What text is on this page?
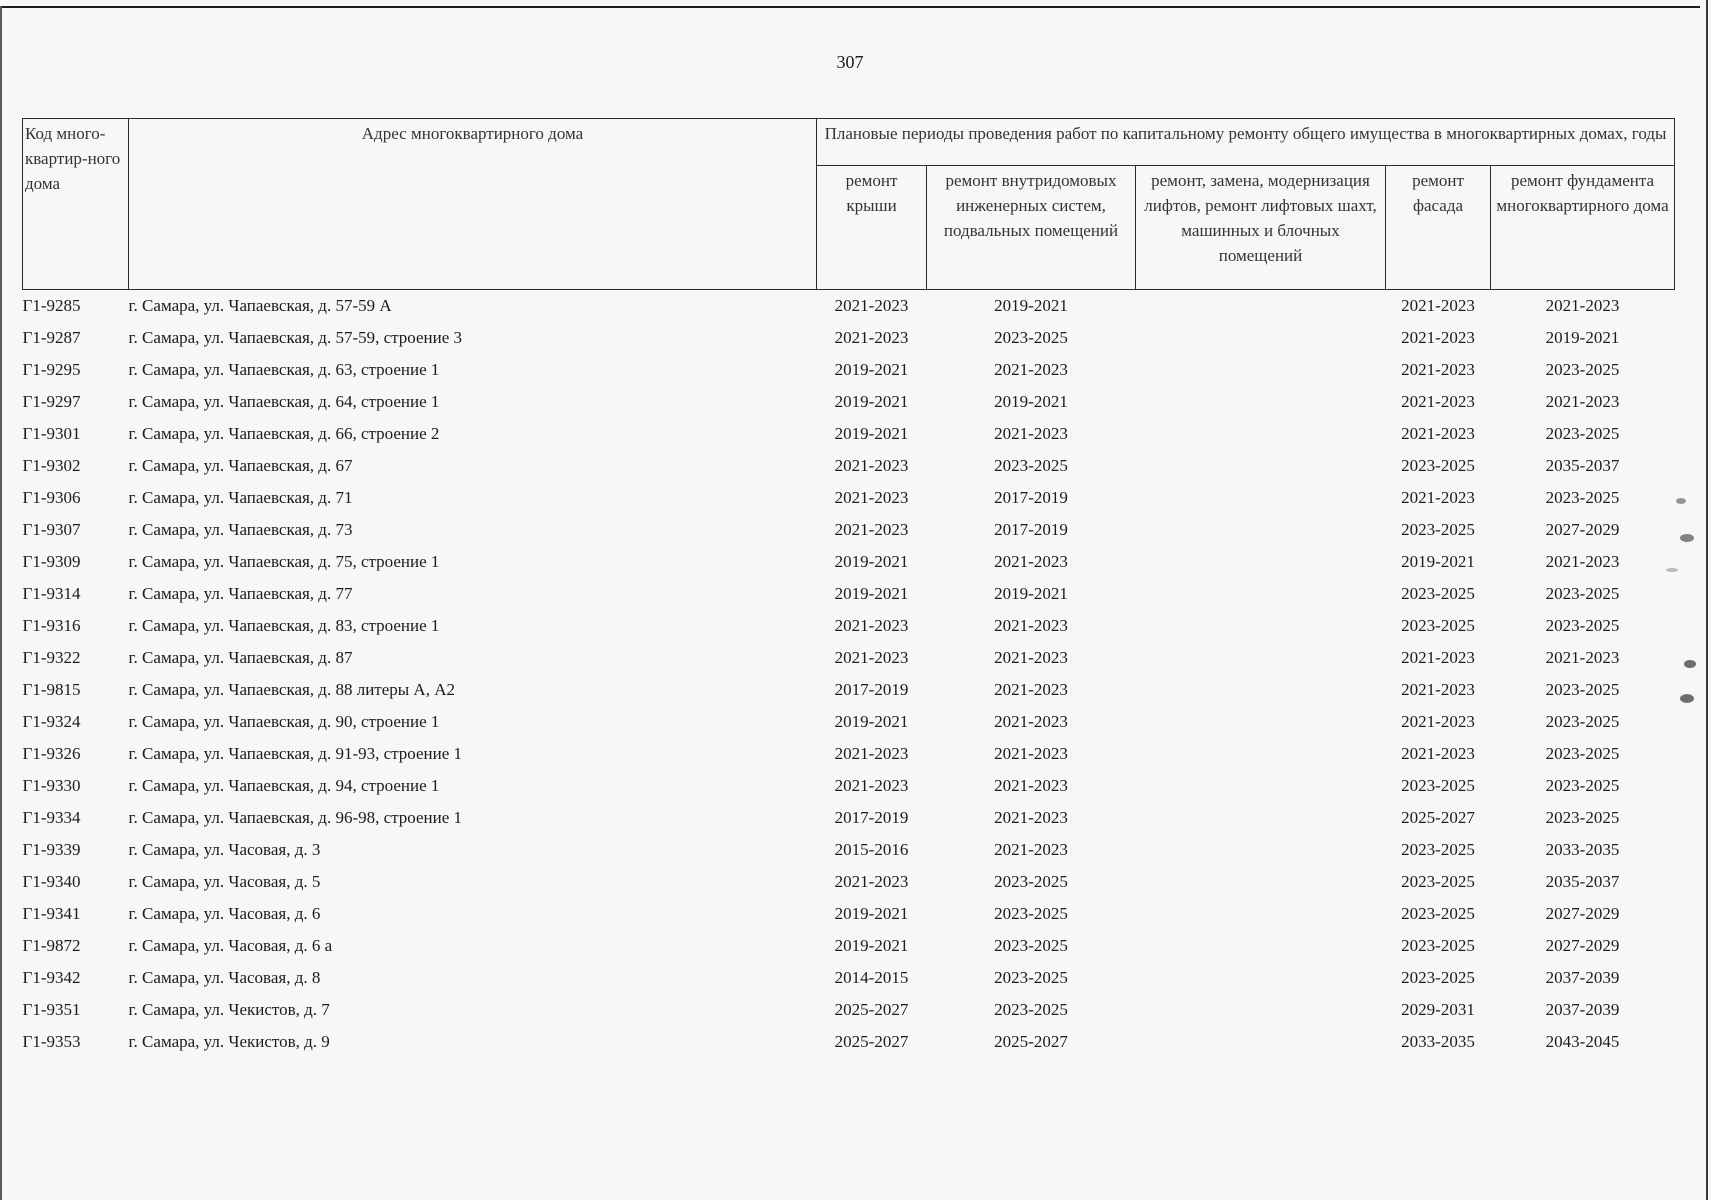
307
Код много-квартир-ного дома	Адрес многоквартирного дома	Плановые периоды проведения работ по капитальному ремонту общего имущества в многоквартирных домах, годы				
		ремонт крыши	ремонт внутридомовых инженерных систем, подвальных помещений	ремонт, замена, модернизация лифтов, ремонт лифтовых шахт, машинных и блочных помещений	ремонт фасада	ремонт фундамента многоквартирного дома
Г1-9285	г. Самара, ул. Чапаевская, д. 57-59 А	2021-2023	2019-2021		2021-2023	2021-2023
Г1-9287	г. Самара, ул. Чапаевская, д. 57-59, строение 3	2021-2023	2023-2025		2021-2023	2019-2021
Г1-9295	г. Самара, ул. Чапаевская, д. 63, строение 1	2019-2021	2021-2023		2021-2023	2023-2025
Г1-9297	г. Самара, ул. Чапаевская, д. 64, строение 1	2019-2021	2019-2021		2021-2023	2021-2023
Г1-9301	г. Самара, ул. Чапаевская, д. 66, строение 2	2019-2021	2021-2023		2021-2023	2023-2025
Г1-9302	г. Самара, ул. Чапаевская, д. 67	2021-2023	2023-2025		2023-2025	2035-2037
Г1-9306	г. Самара, ул. Чапаевская, д. 71	2021-2023	2017-2019		2021-2023	2023-2025
Г1-9307	г. Самара, ул. Чапаевская, д. 73	2021-2023	2017-2019		2023-2025	2027-2029
Г1-9309	г. Самара, ул. Чапаевская, д. 75, строение 1	2019-2021	2021-2023		2019-2021	2021-2023
Г1-9314	г. Самара, ул. Чапаевская, д. 77	2019-2021	2019-2021		2023-2025	2023-2025
Г1-9316	г. Самара, ул. Чапаевская, д. 83, строение 1	2021-2023	2021-2023		2023-2025	2023-2025
Г1-9322	г. Самара, ул. Чапаевская, д. 87	2021-2023	2021-2023		2021-2023	2021-2023
Г1-9815	г. Самара, ул. Чапаевская, д. 88 литеры А, А2	2017-2019	2021-2023		2021-2023	2023-2025
Г1-9324	г. Самара, ул. Чапаевская, д. 90, строение 1	2019-2021	2021-2023		2021-2023	2023-2025
Г1-9326	г. Самара, ул. Чапаевская, д. 91-93, строение 1	2021-2023	2021-2023		2021-2023	2023-2025
Г1-9330	г. Самара, ул. Чапаевская, д. 94, строение 1	2021-2023	2021-2023		2023-2025	2023-2025
Г1-9334	г. Самара, ул. Чапаевская, д. 96-98, строение 1	2017-2019	2021-2023		2025-2027	2023-2025
Г1-9339	г. Самара, ул. Часовая, д. 3	2015-2016	2021-2023		2023-2025	2033-2035
Г1-9340	г. Самара, ул. Часовая, д. 5	2021-2023	2023-2025		2023-2025	2035-2037
Г1-9341	г. Самара, ул. Часовая, д. 6	2019-2021	2023-2025		2023-2025	2027-2029
Г1-9872	г. Самара, ул. Часовая, д. 6 а	2019-2021	2023-2025		2023-2025	2027-2029
Г1-9342	г. Самара, ул. Часовая, д. 8	2014-2015	2023-2025		2023-2025	2037-2039
Г1-9351	г. Самара, ул. Чекистов, д. 7	2025-2027	2023-2025		2029-2031	2037-2039
Г1-9353	г. Самара, ул. Чекистов, д. 9	2025-2027	2025-2027		2033-2035	2043-2045
